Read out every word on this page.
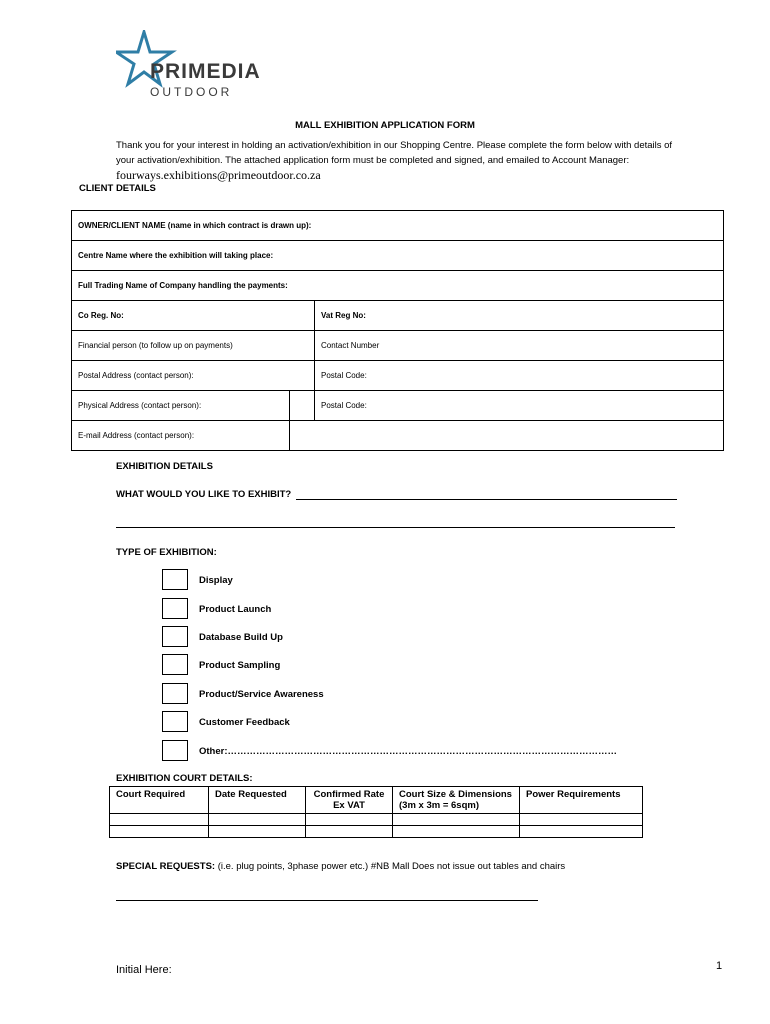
PRIMEDIA
OUTDOOR
MALL EXHIBITION APPLICATION FORM
Thank you for your interest in holding an activation/exhibition in our Shopping Centre. Please complete the form below with details of your activation/exhibition. The attached application form must be completed and signed, and emailed to Account Manager: fourways.exhibitions@primeoutdoor.co.za
CLIENT DETAILS
OWNER/CLIENT NAME (name in which contract is drawn up):		
Centre Name where the exhibition will taking place:		
Full Trading Name of Company handling the payments:		
Co Reg. No:		Vat Reg No:
Financial person (to follow up on payments)		Contact Number
Postal Address (contact person):		Postal Code:
Physical Address (contact person):		Postal Code:
E-mail Address (contact person):		
EXHIBITION DETAILS
WHAT WOULD YOU LIKE TO EXHIBIT?
TYPE OF EXHIBITION:
Display
Product Launch
Database Build Up
Product Sampling
Product/Service Awareness
Customer Feedback
Other:……………………………………………………………………………………………………………
EXHIBITION COURT DETAILS:
Court Required	Date Requested	Confirmed Rate Ex VAT	Court Size & Dimensions (3m x 3m = 6sqm)	Power Requirements

SPECIAL REQUESTS: (i.e. plug points, 3phase power etc.) #NB Mall Does not issue out tables and chairs
Initial Here:	1
